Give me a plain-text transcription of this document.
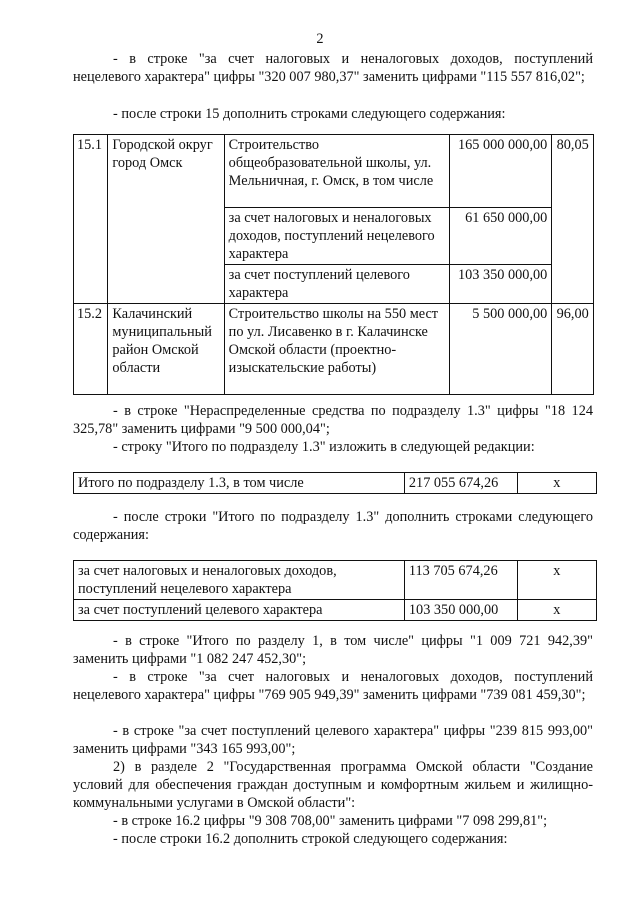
2

- в строке "за счет налоговых и неналоговых доходов, поступлений нецелевого характера" цифры "320 007 980,37" заменить цифрами "115 557 816,02";

- после строки 15 дополнить строками следующего содержания:

15.1	Городской округ город Омск	Строительство общеобразовательной школы, ул. Мельничная, г. Омск, в том числе	165 000 000,00	80,05
		за счет налоговых и неналоговых доходов, поступлений нецелевого характера	61 650 000,00	
		за счет поступлений целевого характера	103 350 000,00	
15.2	Калачинский муниципальный район Омской области	Строительство школы на 550 мест по ул. Лисавенко в г. Калачинске Омской области (проектно-изыскательские работы)	5 500 000,00	96,00

- в строке "Нераспределенные средства по подразделу 1.3" цифры "18 124 325,78" заменить цифрами "9 500 000,04";

- строку "Итого по подразделу 1.3" изложить в следующей редакции:

Итого по подразделу 1.3, в том числе	217 055 674,26	x

- после строки "Итого по подразделу 1.3" дополнить строками следующего содержания:

за счет налоговых и неналоговых доходов, поступлений нецелевого характера	113 705 674,26	x
за счет поступлений целевого характера	103 350 000,00	x

- в строке "Итого по разделу 1, в том числе" цифры "1 009 721 942,39" заменить цифрами "1 082 247 452,30";

- в строке "за счет налоговых и неналоговых доходов, поступлений нецелевого характера" цифры "769 905 949,39" заменить цифрами "739 081 459,30";

- в строке "за счет поступлений целевого характера" цифры "239 815 993,00" заменить цифрами "343 165 993,00";

2) в разделе 2 "Государственная программа Омской области "Создание условий для обеспечения граждан доступным и комфортным жильем и жилищно-коммунальными услугами в Омской области":

- в строке 16.2 цифры "9 308 708,00" заменить цифрами "7 098 299,81";

- после строки 16.2 дополнить строкой следующего содержания:
